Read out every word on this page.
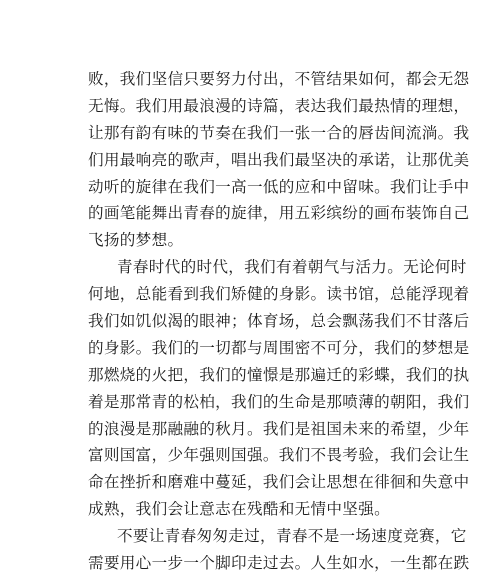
败，我们坚信只要努力付出，不管结果如何，都会无怨
无悔。我们用最浪漫的诗篇，表达我们最热情的理想，
让那有韵有味的节奏在我们一张一合的唇齿间流淌。我
们用最响亮的歌声，唱出我们最坚决的承诺，让那优美
动听的旋律在我们一高一低的应和中留味。我们让手中
的画笔能舞出青春的旋律，用五彩缤纷的画布装饰自己
飞扬的梦想。
青春时代的时代，我们有着朝气与活力。无论何时
何地，总能看到我们矫健的身影。读书馆，总能浮现着
我们如饥似渴的眼神；体育场，总会飘荡我们不甘落后
的身影。我们的一切都与周围密不可分，我们的梦想是
那燃烧的火把，我们的憧憬是那遍迁的彩蝶，我们的执
着是那常青的松柏，我们的生命是那喷薄的朝阳，我们
的浪漫是那融融的秋月。我们是祖国未来的希望，少年
富则国富，少年强则国强。我们不畏考验，我们会让生
命在挫折和磨难中蔓延，我们会让思想在徘徊和失意中
成熟，我们会让意志在残酷和无情中坚强。
不要让青春匆匆走过，青春不是一场速度竞赛，它
需要用心一步一个脚印走过去。人生如水，一生都在跌
